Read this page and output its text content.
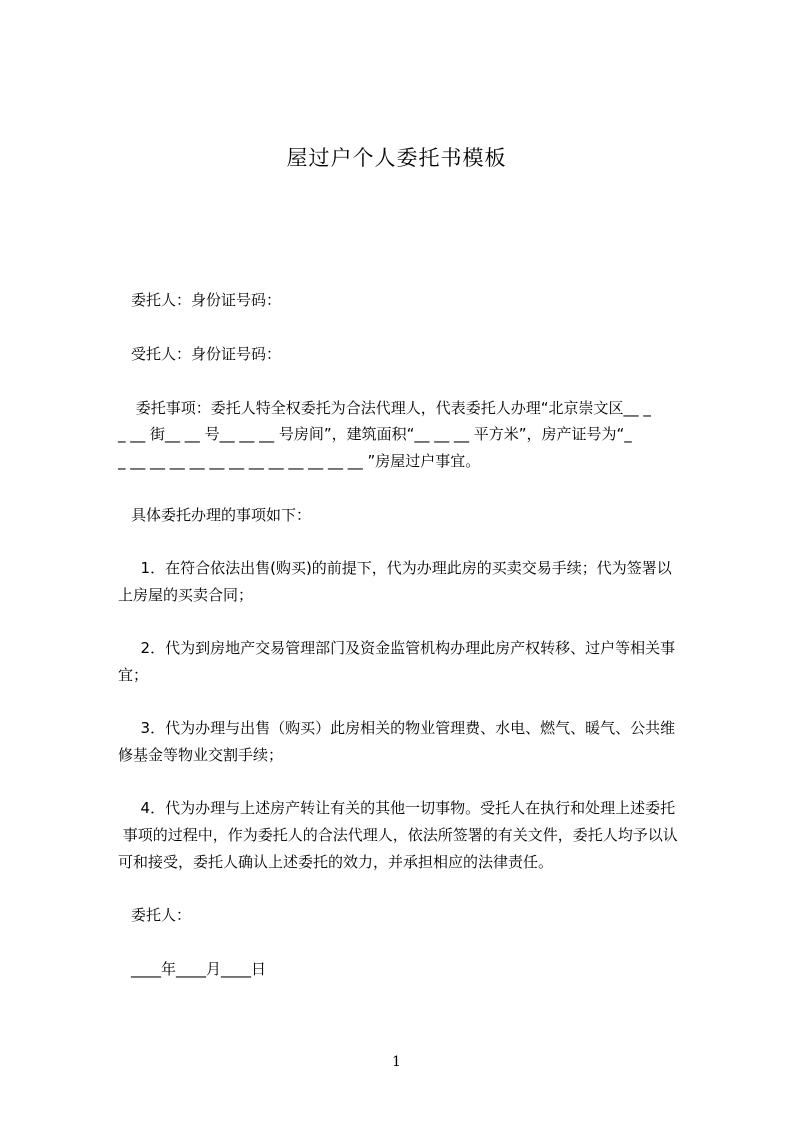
屋过户个人委托书模板
委托人：身份证号码：
受托人：身份证号码：
委托事项：委托人特全权委托为合法代理人，代表委托人办理“北京崇文区__ _
_ __ 街__ __ 号__ __ __ 号房间”，建筑面积“__ __ __ 平方米”，房产证号为“_
_ __ __ __ __ __ __ __ __ __ __ __ __ ”房屋过户事宜。
具体委托办理的事项如下：
1．在符合依法出售(购买)的前提下，代为办理此房的买卖交易手续；代为签署以
上房屋的买卖合同；
2．代为到房地产交易管理部门及资金监管机构办理此房产权转移、过户等相关事
宜；
3．代为办理与出售（购买）此房相关的物业管理费、水电、燃气、暖气、公共维
修基金等物业交割手续；
4．代为办理与上述房产转让有关的其他一切事物。受托人在执行和处理上述委托
事项的过程中，作为委托人的合法代理人，依法所签署的有关文件，委托人均予以认
可和接受，委托人确认上述委托的效力，并承担相应的法律责任。
委托人：
____年____月____日
1
